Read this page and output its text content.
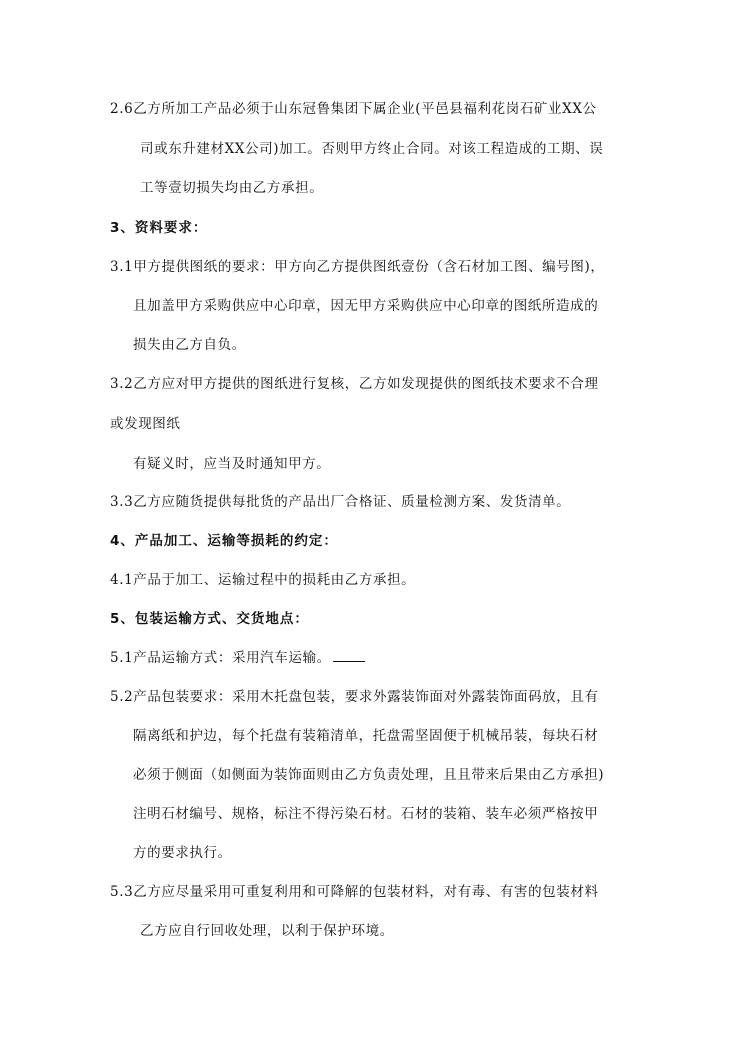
2.6乙方所加工产品必须于山东冠鲁集团下属企业(平邑县福利花岗石矿业XX公
司或东升建材XX公司)加工。否则甲方终止合同。对该工程造成的工期、误
工等壹切损失均由乙方承担。
3、资料要求：
3.1甲方提供图纸的要求：甲方向乙方提供图纸壹份（含石材加工图、编号图)，
且加盖甲方采购供应中心印章，因无甲方采购供应中心印章的图纸所造成的
损失由乙方自负。
3.2乙方应对甲方提供的图纸进行复核，乙方如发现提供的图纸技术要求不合理
或发现图纸
有疑义时，应当及时通知甲方。
3.3乙方应随货提供每批货的产品出厂合格证、质量检测方案、发货清单。
4、产品加工、运输等损耗的约定：
4.1产品于加工、运输过程中的损耗由乙方承担。
5、包装运输方式、交货地点：
5.1产品运输方式：采用汽车运输。
5.2产品包装要求：采用木托盘包装，要求外露装饰面对外露装饰面码放，且有
隔离纸和护边，每个托盘有装箱清单，托盘需坚固便于机械吊装，每块石材
必须于侧面（如侧面为装饰面则由乙方负责处理，且且带来后果由乙方承担)
注明石材编号、规格，标注不得污染石材。石材的装箱、装车必须严格按甲
方的要求执行。
5.3乙方应尽量采用可重复利用和可降解的包装材料，对有毒、有害的包装材料
乙方应自行回收处理，以利于保护环境。
